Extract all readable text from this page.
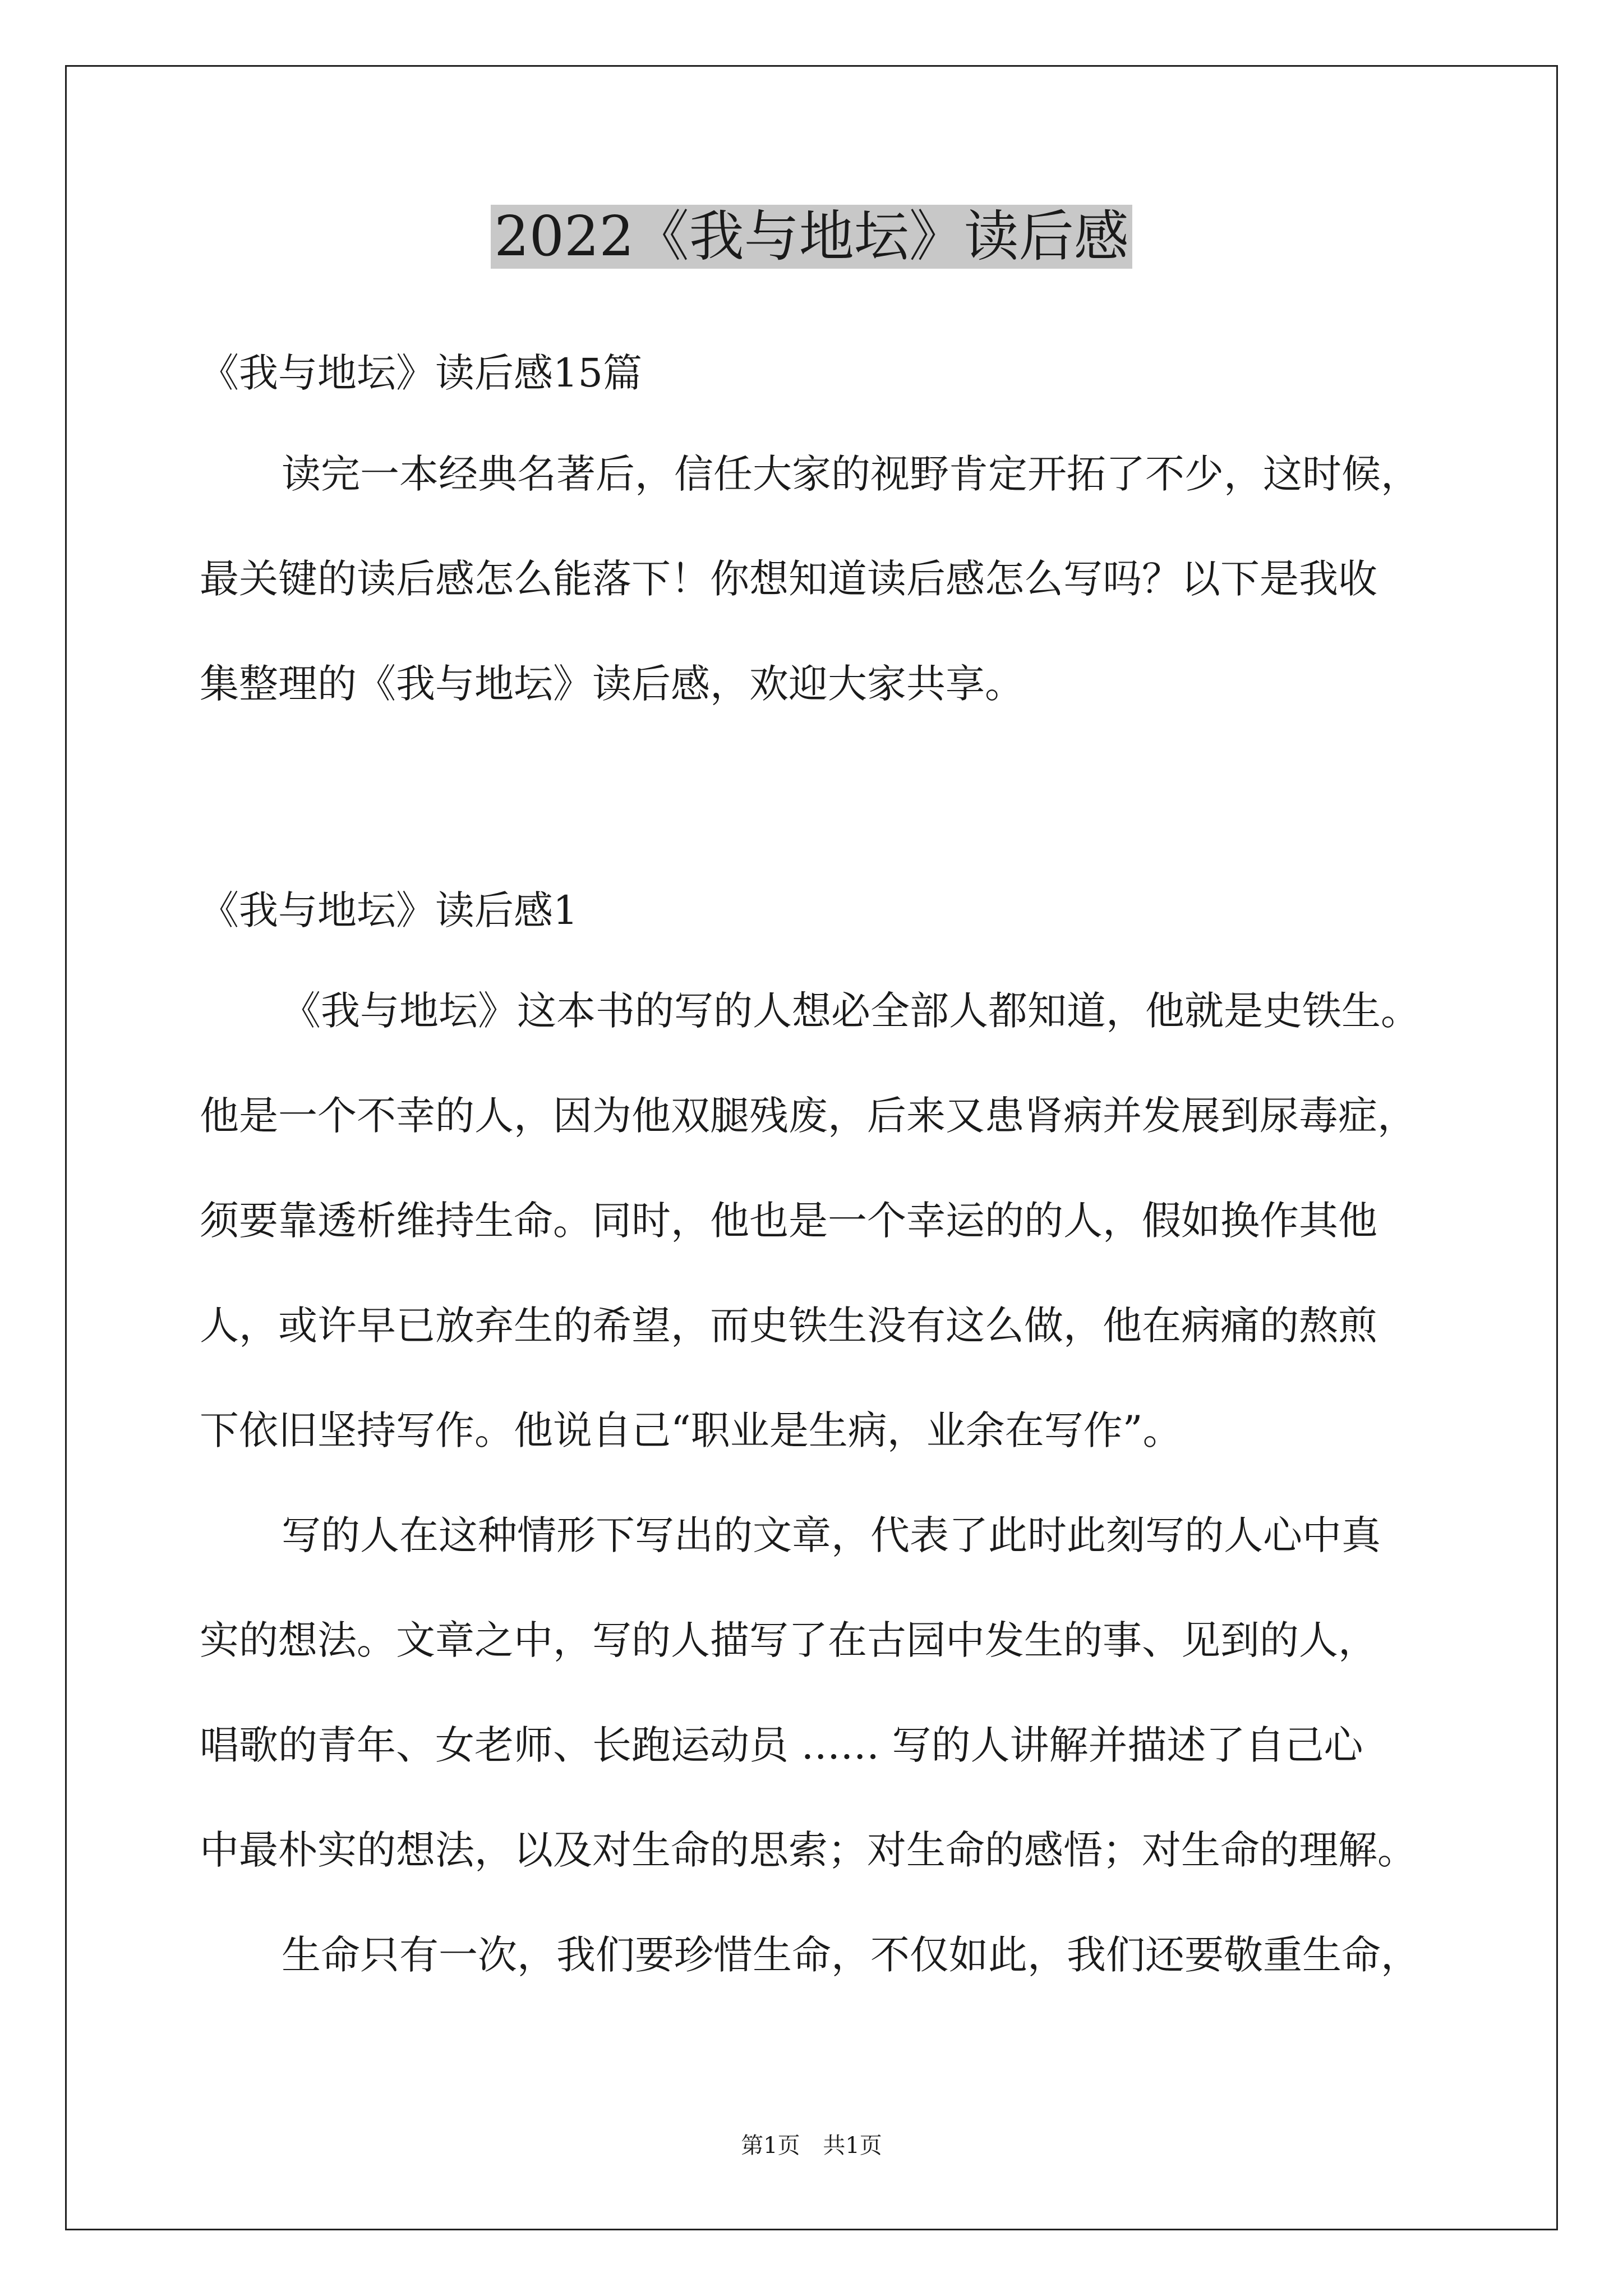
2022《我与地坛》读后感
《我与地坛》读后感15篇
读完一本经典名著后，信任大家的视野肯定开拓了不少，这时候，
最关键的读后感怎么能落下！你想知道读后感怎么写吗？以下是我收
集整理的《我与地坛》读后感，欢迎大家共享。
《我与地坛》读后感1
《我与地坛》这本书的写的人想必全部人都知道，他就是史铁生。
他是一个不幸的人，因为他双腿残废，后来又患肾病并发展到尿毒症，
须要靠透析维持生命。同时，他也是一个幸运的的人，假如换作其他
人，或许早已放弃生的希望，而史铁生没有这么做，他在病痛的熬煎
下依旧坚持写作。他说自己“职业是生病，业余在写作”。
写的人在这种情形下写出的文章，代表了此时此刻写的人心中真
实的想法。文章之中，写的人描写了在古园中发生的事、见到的人，
唱歌的青年、女老师、长跑运动员 …… 写的人讲解并描述了自己心
中最朴实的想法，以及对生命的思索；对生命的感悟；对生命的理解。
生命只有一次，我们要珍惜生命，不仅如此，我们还要敬重生命，
第1页 共1页
